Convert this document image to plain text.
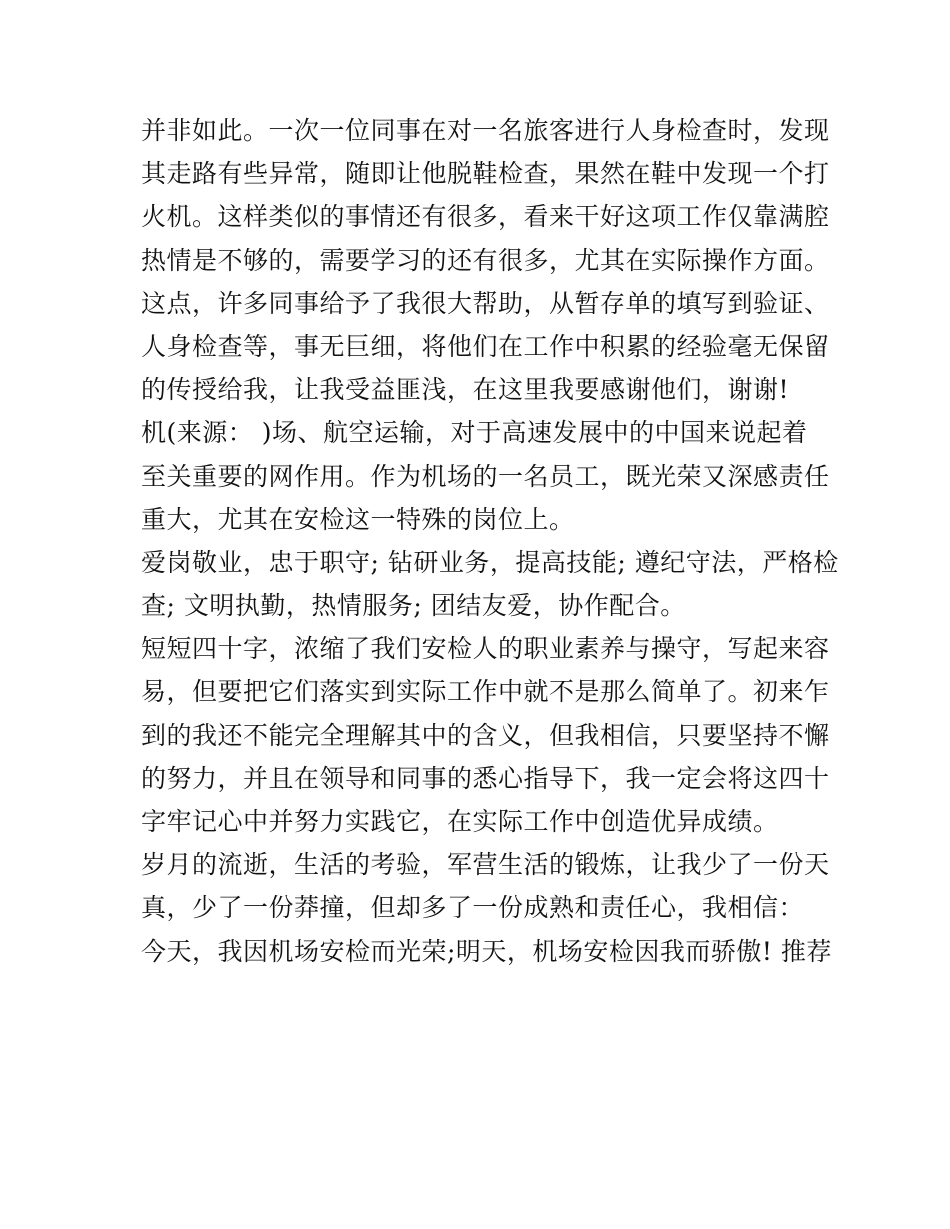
并非如此。一次一位同事在对一名旅客进行人身检查时，发现
其走路有些异常，随即让他脱鞋检查，果然在鞋中发现一个打
火机。这样类似的事情还有很多，看来干好这项工作仅靠满腔
热情是不够的，需要学习的还有很多，尤其在实际操作方面。
这点，许多同事给予了我很大帮助，从暂存单的填写到验证、
人身检查等，事无巨细，将他们在工作中积累的经验毫无保留
的传授给我，让我受益匪浅，在这里我要感谢他们，谢谢!
机(来源： )场、航空运输，对于高速发展中的中国来说起着
至关重要的网作用。作为机场的一名员工，既光荣又深感责任
重大，尤其在安检这一特殊的岗位上。
爱岗敬业，忠于职守; 钻研业务，提高技能; 遵纪守法，严格检
查; 文明执勤，热情服务; 团结友爱，协作配合。
短短四十字，浓缩了我们安检人的职业素养与操守，写起来容
易，但要把它们落实到实际工作中就不是那么简单了。初来乍
到的我还不能完全理解其中的含义，但我相信，只要坚持不懈
的努力，并且在领导和同事的悉心指导下，我一定会将这四十
字牢记心中并努力实践它，在实际工作中创造优异成绩。
岁月的流逝，生活的考验，军营生活的锻炼，让我少了一份天
真，少了一份莽撞，但却多了一份成熟和责任心，我相信：
今天，我因机场安检而光荣;明天，机场安检因我而骄傲! 推荐
